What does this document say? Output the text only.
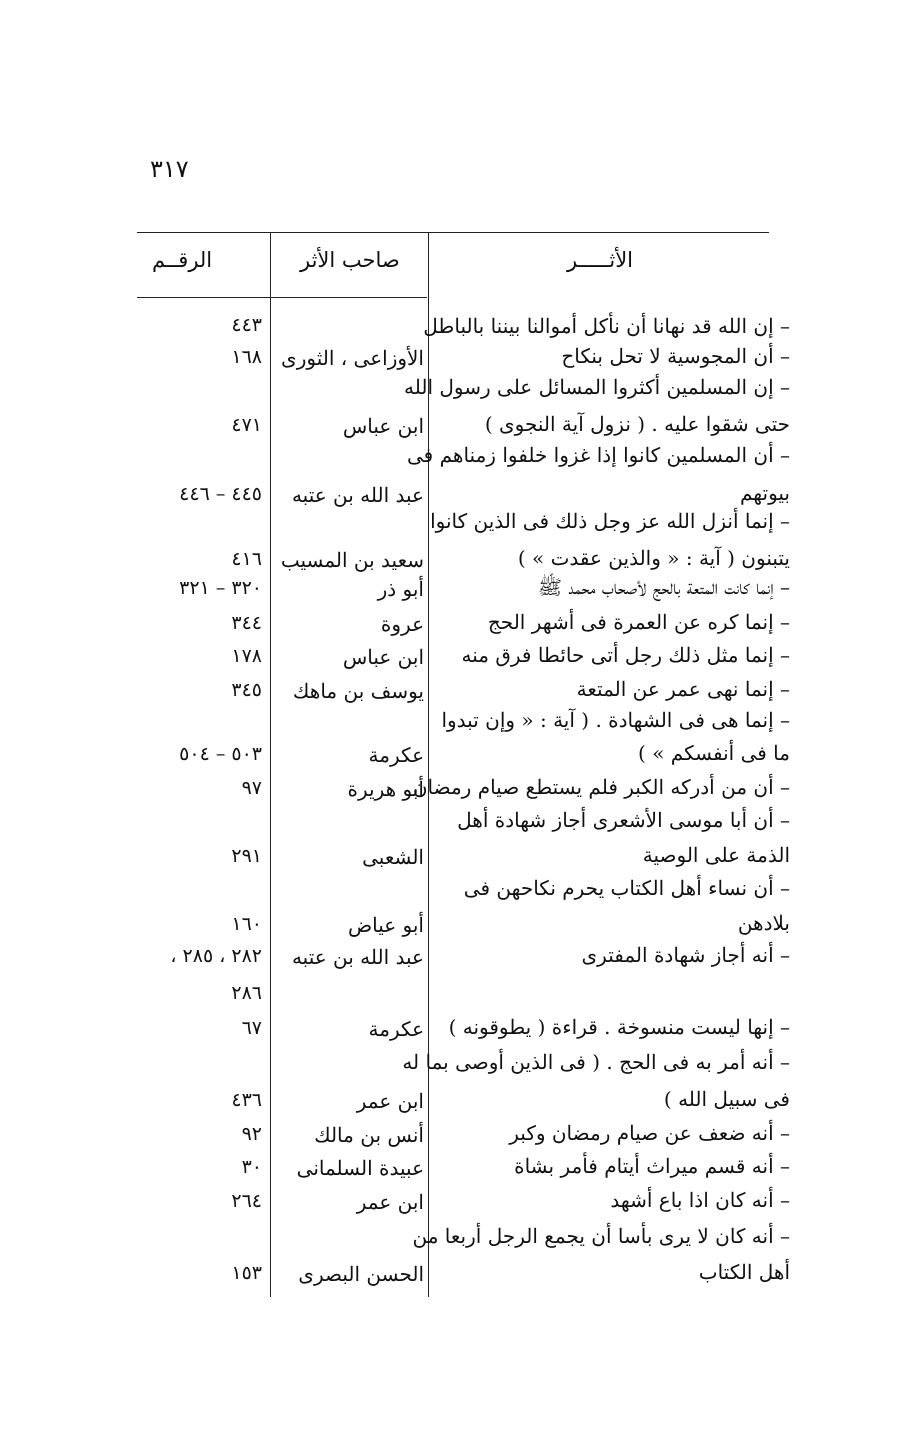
٣١٧
الرقــم	صاحب الأثر	الأثـــــر
– إن الله قد نهانا أن نأكل أموالنا بيننا بالباطل
– أن المجوسية لا تحل بنكاح
– إن المسلمين أكثروا المسائل على رسول الله
حتى شقوا عليه . ( نزول آية النجوى )
– أن المسلمين كانوا إذا غزوا خلفوا زمناهم فى
بيوتهم
– إنما أنزل الله عز وجل ذلك فى الذين كانوا
يتبنون ( آية : « والذين عقدت » )
– إنما كانت المتعة بالحج لأصحاب محمد ﷺ
– إنما كره عن العمرة فى أشهر الحج
– إنما مثل ذلك رجل أتى حائطا فرق منه
– إنما نهى عمر عن المتعة
– إنما هى فى الشهادة . ( آية : « وإن تبدوا
ما فى أنفسكم » )
– أن من أدركه الكبر فلم يستطع صيام رمضان
– أن أبا موسى الأشعرى أجاز شهادة أهل
الذمة على الوصية
– أن نساء أهل الكتاب يحرم نكاحهن فى
بلادهن
– أنه أجاز شهادة المفترى
– إنها ليست منسوخة . قراءة ( يطوقونه )
– أنه أمر به فى الحج . ( فى الذين أوصى بما له
فى سبيل الله )
– أنه ضعف عن صيام رمضان وكبر
– أنه قسم ميراث أيتام فأمر بشاة
– أنه كان اذا باع أشهد
– أنه كان لا يرى بأسا أن يجمع الرجل أربعا من
أهل الكتاب
الأوزاعى ، الثورى
ابن عباس
عبد الله بن عتبه
سعيد بن المسيب
أبو ذر
عروة
ابن عباس
يوسف بن ماهك
عكرمة
أبو هريرة
الشعبى
أبو عياض
عبد الله بن عتبه
عكرمة
ابن عمر
أنس بن مالك
عبيدة السلمانى
ابن عمر
الحسن البصرى
٤٤٣
١٦٨
٤٧١
٤٤٥ – ٤٤٦
٤١٦
٣٢٠ – ٣٢١
٣٤٤
١٧٨
٣٤٥
٥٠٣ – ٥٠٤
٩٧
٢٩١
١٦٠
٢٨٢ ، ٢٨٥ ،
٢٨٦
٦٧
٤٣٦
٩٢
٣٠
٢٦٤
١٥٣
